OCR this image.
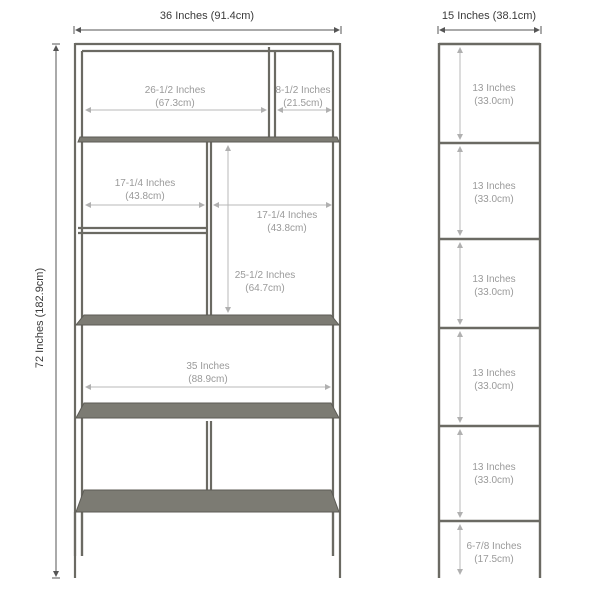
36 Inches (91.4cm)
72 Inches (182.9cm)
26-1/2 Inches
(67.3cm)
8-1/2 Inches
(21.5cm)
17-1/4 Inches
(43.8cm)
17-1/4 Inches
(43.8cm)
25-1/2 Inches
(64.7cm)
35 Inches
(88.9cm)
15 Inches (38.1cm)
13 Inches
(33.0cm)
13 Inches
(33.0cm)
13 Inches
(33.0cm)
13 Inches
(33.0cm)
13 Inches
(33.0cm)
6-7/8 Inches
(17.5cm)
